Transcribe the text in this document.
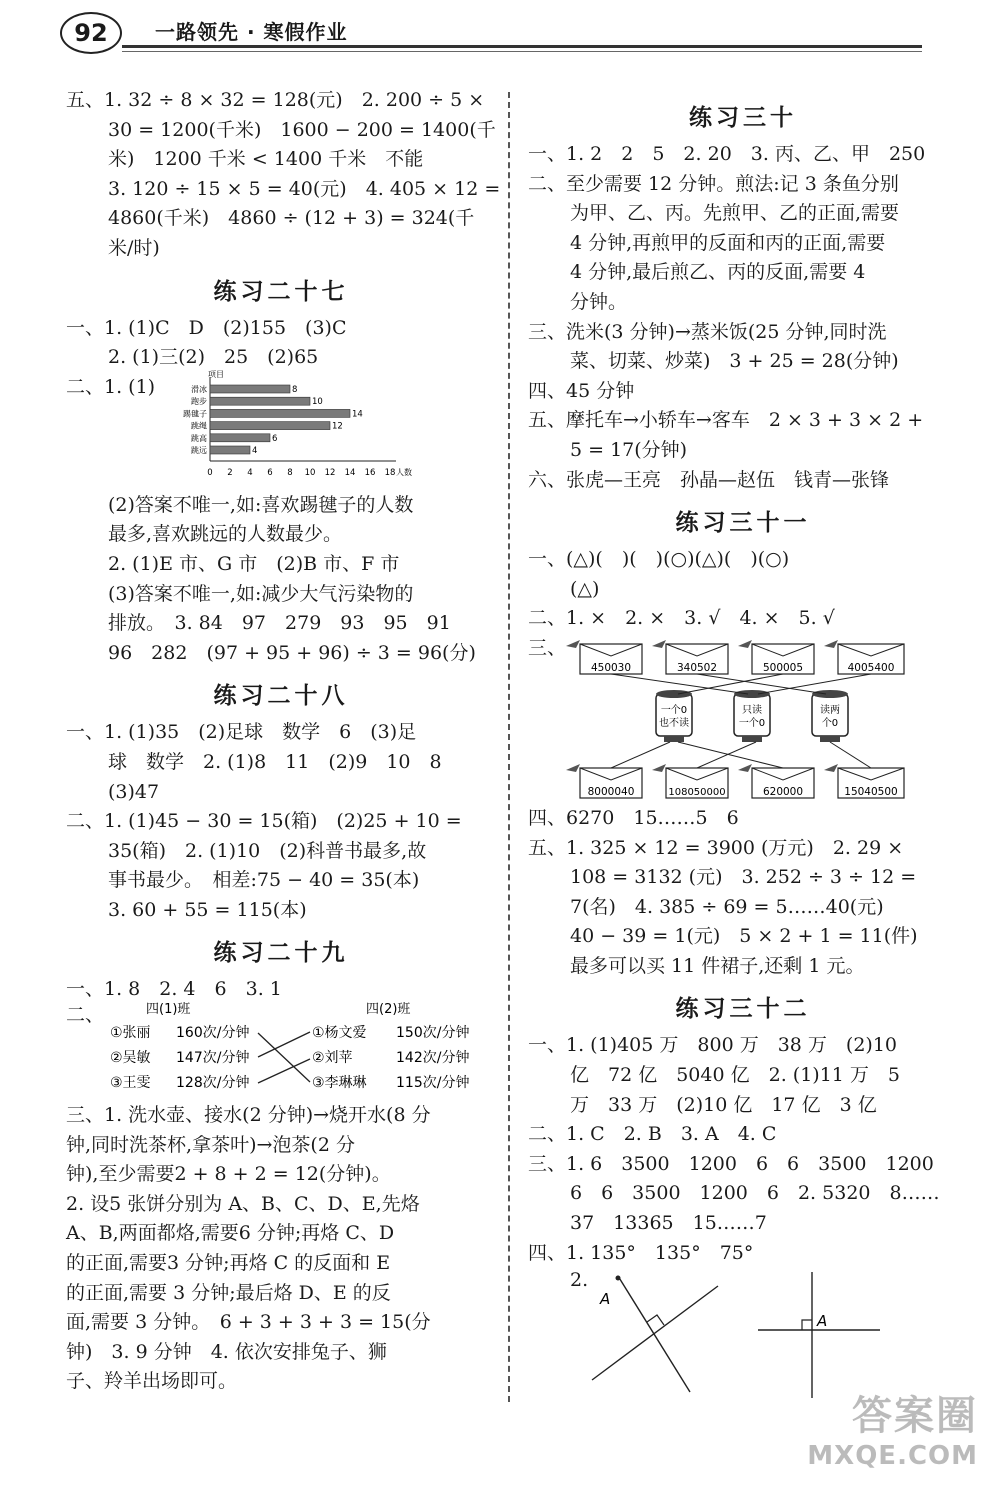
92	一路领先 · 寒假作业
五、1. 32 ÷ 8 × 32 = 128(元)　2. 200 ÷ 5 ×
30 = 1200(千米)　1600 − 200 = 1400(千
米)　1200 千米 < 1400 千米　不能
3. 120 ÷ 15 × 5 = 40(元)　4. 405 × 12 =
4860(千米)　4860 ÷ (12 + 3) = 324(千
米/时)
练习二十七
一、1. (1)C　D　(2)155　(3)C
2. (1)三(2)　25　(2)65
二、1. (1)
项目
人数
0 2 4 6 8 10 12 14 16 18
滑冰	8
跑步	10
踢毽子	14
跳绳	12
跳高	6
跳远	4
(2)答案不唯一,如:喜欢踢毽子的人数
最多,喜欢跳远的人数最少。
2. (1)E 市、G 市　(2)B 市、F 市
(3)答案不唯一,如:减少大气污染物的
排放。　3. 84　97　279　93　95　91
96　282　(97 + 95 + 96) ÷ 3 = 96(分)
练习二十八
一、1. (1)35　(2)足球　数学　6　(3)足
球　数学　2. (1)8　11　(2)9　10　8
(3)47
二、1. (1)45 − 30 = 15(箱)　(2)25 + 10 =
35(箱)　2. (1)10　(2)科普书最多,故
事书最少。　相差:75 − 40 = 35(本)
3. 60 + 55 = 115(本)
练习二十九
一、1. 8　2. 4　6　3. 1
二、	四(1)班	四(2)班
①张丽 160次/分钟
②吴敏 147次/分钟
③王雯 128次/分钟
①杨文爱 150次/分钟
②刘苹	142次/分钟
③李琳琳 115次/分钟
三、1. 洗水壶、接水(2 分钟)→烧开水(8 分
钟,同时洗茶杯,拿茶叶)→泡茶(2 分
钟),至少需要2 + 8 + 2 = 12(分钟)。
2. 设5 张饼分别为 A、B、C、D、E,先烙
A、B,两面都烙,需要6 分钟;再烙 C、D
的正面,需要3 分钟;再烙 C 的反面和 E
的正面,需要 3 分钟;最后烙 D、E 的反
面,需要 3 分钟。　6 + 3 + 3 + 3 = 15(分
钟)　3. 9 分钟　4. 依次安排兔子、狮
子、羚羊出场即可。
练习三十
一、1. 2　2　5　2. 20　3. 丙、乙、甲　250
二、至少需要 12 分钟。煎法:记 3 条鱼分别
为甲、乙、丙。先煎甲、乙的正面,需要
4 分钟,再煎甲的反面和丙的正面,需要
4 分钟,最后煎乙、丙的反面,需要 4
分钟。
三、洗米(3 分钟)→蒸米饭(25 分钟,同时洗
菜、切菜、炒菜)　3 + 25 = 28(分钟)
四、45 分钟
五、摩托车→小轿车→客车　2 × 3 + 3 × 2 +
5 = 17(分钟)
六、张虎—王亮　孙晶—赵伍　钱青—张锋
练习三十一
一、(△)(　)(　)(○)(△)(　)(○)
(△)
二、1. ×　2. ×　3. √　4. ×　5. √
三、
450030	340502	500005	4005400
一个0
也不读
只读
一个0
读两
个0
8000040	108050000	620000	15040500
四、6270　15……5　6
五、1. 325 × 12 = 3900 (万元)　2. 29 ×
108 = 3132 (元)　3. 252 ÷ 3 ÷ 12 =
7(名)　4. 385 ÷ 69 = 5……40(元)
40 − 39 = 1(元)　5 × 2 + 1 = 11(件)
最多可以买 11 件裙子,还剩 1 元。
练习三十二
一、1. (1)405 万　800 万　38 万　(2)10
亿　72 亿　5040 亿　2. (1)11 万　5
万　33 万　(2)10 亿　17 亿　3 亿
二、1. C　2. B　3. A　4. C
三、1. 6　3500　1200　6　6　3500　1200
6　6　3500　1200　6　2. 5320　8……
37　13365　15……7
四、1. 135°　135°　75°
2.
A
A
答案圈
MXQE.COM
